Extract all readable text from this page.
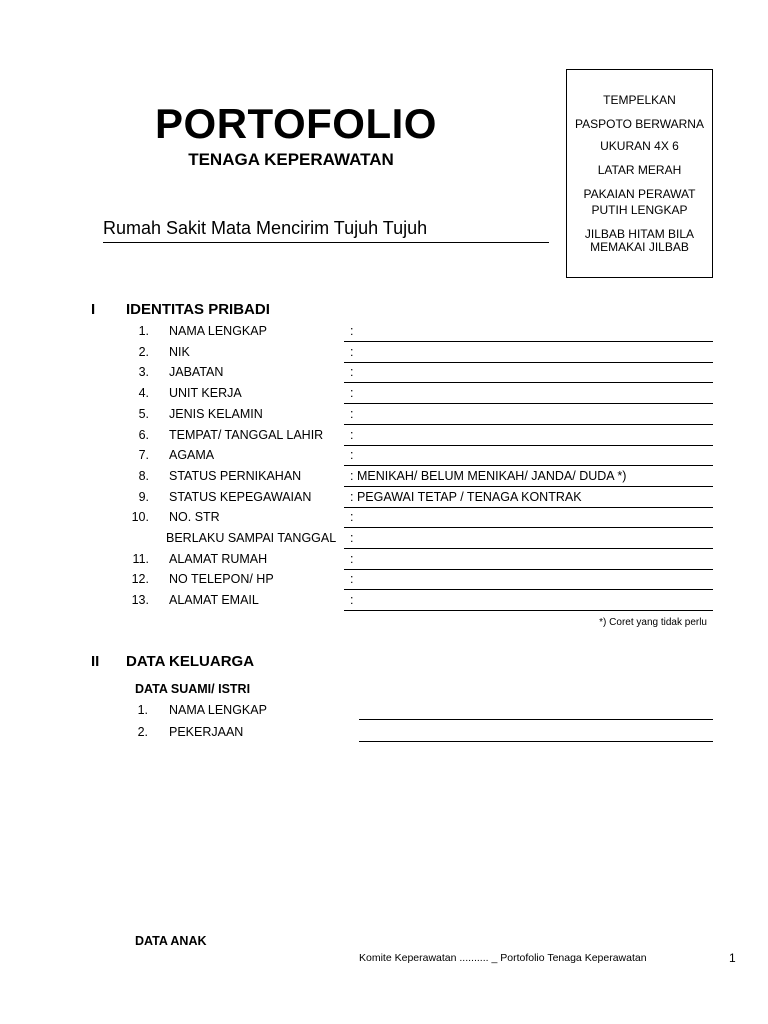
PORTOFOLIO
TENAGA KEPERAWATAN
Rumah Sakit Mata Mencirim Tujuh Tujuh
TEMPELKAN
PASPOTO BERWARNA
UKURAN 4X 6
LATAR MERAH
PAKAIAN PERAWAT
PUTIH LENGKAP
JILBAB HITAM BILA
MEMAKAI JILBAB
I IDENTITAS PRIBADI
1. NAMA LENGKAP	:
2. NIK	:
3. JABATAN	:
4. UNIT KERJA	:
5. JENIS KELAMIN	:
6. TEMPAT/ TANGGAL LAHIR :
7. AGAMA	:
8. STATUS PERNIKAHAN	: MENIKAH/ BELUM MENIKAH/ JANDA/ DUDA *)
9. STATUS KEPEGAWAIAN	: PEGAWAI TETAP / TENAGA KONTRAK
10. NO. STR	:
BERLAKU SAMPAI TANGGAL :
11. ALAMAT RUMAH	:
12. NO TELEPON/ HP	:
13. ALAMAT EMAIL	:
*) Coret yang tidak perlu
II DATA KELUARGA
DATA SUAMI/ ISTRI
1. NAMA LENGKAP
2. PEKERJAAN
DATA ANAK
Komite Keperawatan .......... _ Portofolio Tenaga Keperawatan	1
